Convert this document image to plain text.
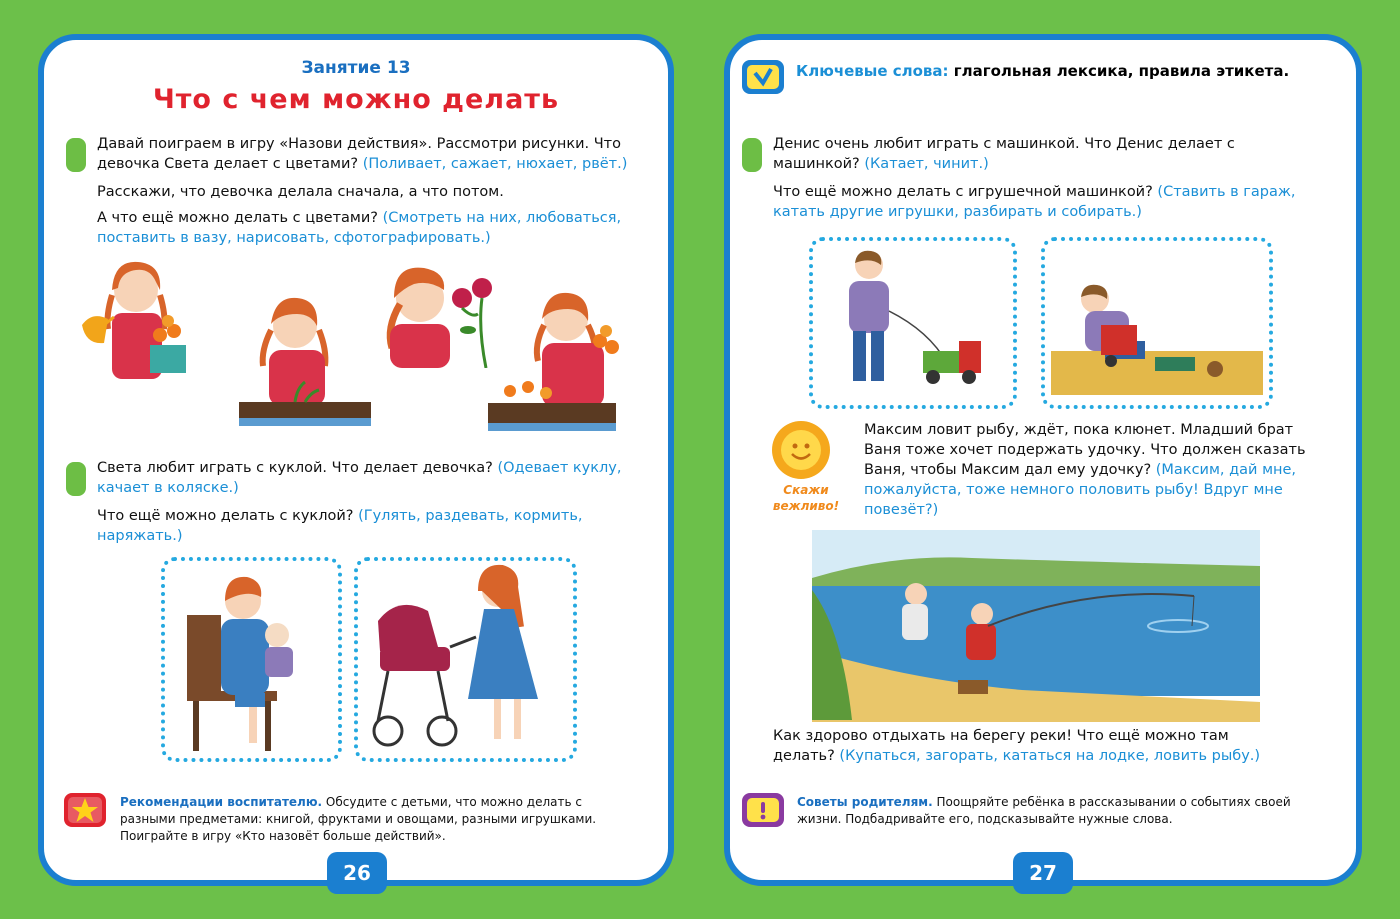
Занятие 13
Что с чем можно делать
Давай поиграем в игру «Назови действия». Рассмотри рисунки. Что девочка Света делает с цветами? (Поливает, сажает, нюхает, рвёт.)
Расскажи, что девочка делала сначала, а что потом.
А что ещё можно делать с цветами? (Смотреть на них, любоваться, поставить в вазу, нарисовать, сфотографировать.)
Света любит играть с куклой. Что делает девочка? (Одевает куклу, качает в коляске.)
Что ещё можно делать с куклой? (Гулять, раздевать, кормить, наряжать.)
Рекомендации воспитателю. Обсудите с детьми, что можно делать с разными предметами: книгой, фруктами и овощами, разными игрушками. Поиграйте в игру «Кто назовёт больше действий».
26
Ключевые слова: глагольная лексика, правила этикета.
Денис очень любит играть с машинкой. Что Денис делает с машинкой? (Катает, чинит.)
Что ещё можно делать с игрушечной машинкой? (Ставить в гараж, катать другие игрушки, разбирать и собирать.)
Скажи вежливо!
Максим ловит рыбу, ждёт, пока клюнет. Младший брат Ваня тоже хочет подержать удочку. Что должен сказать Ваня, чтобы Максим дал ему удочку? (Максим, дай мне, пожалуйста, тоже немного половить рыбу! Вдруг мне повезёт?)
Как здорово отдыхать на берегу реки! Что ещё можно там делать? (Купаться, загорать, кататься на лодке, ловить рыбу.)
Советы родителям. Поощряйте ребёнка в рассказывании о событиях своей жизни. Подбадривайте его, подсказывайте нужные слова.
27
